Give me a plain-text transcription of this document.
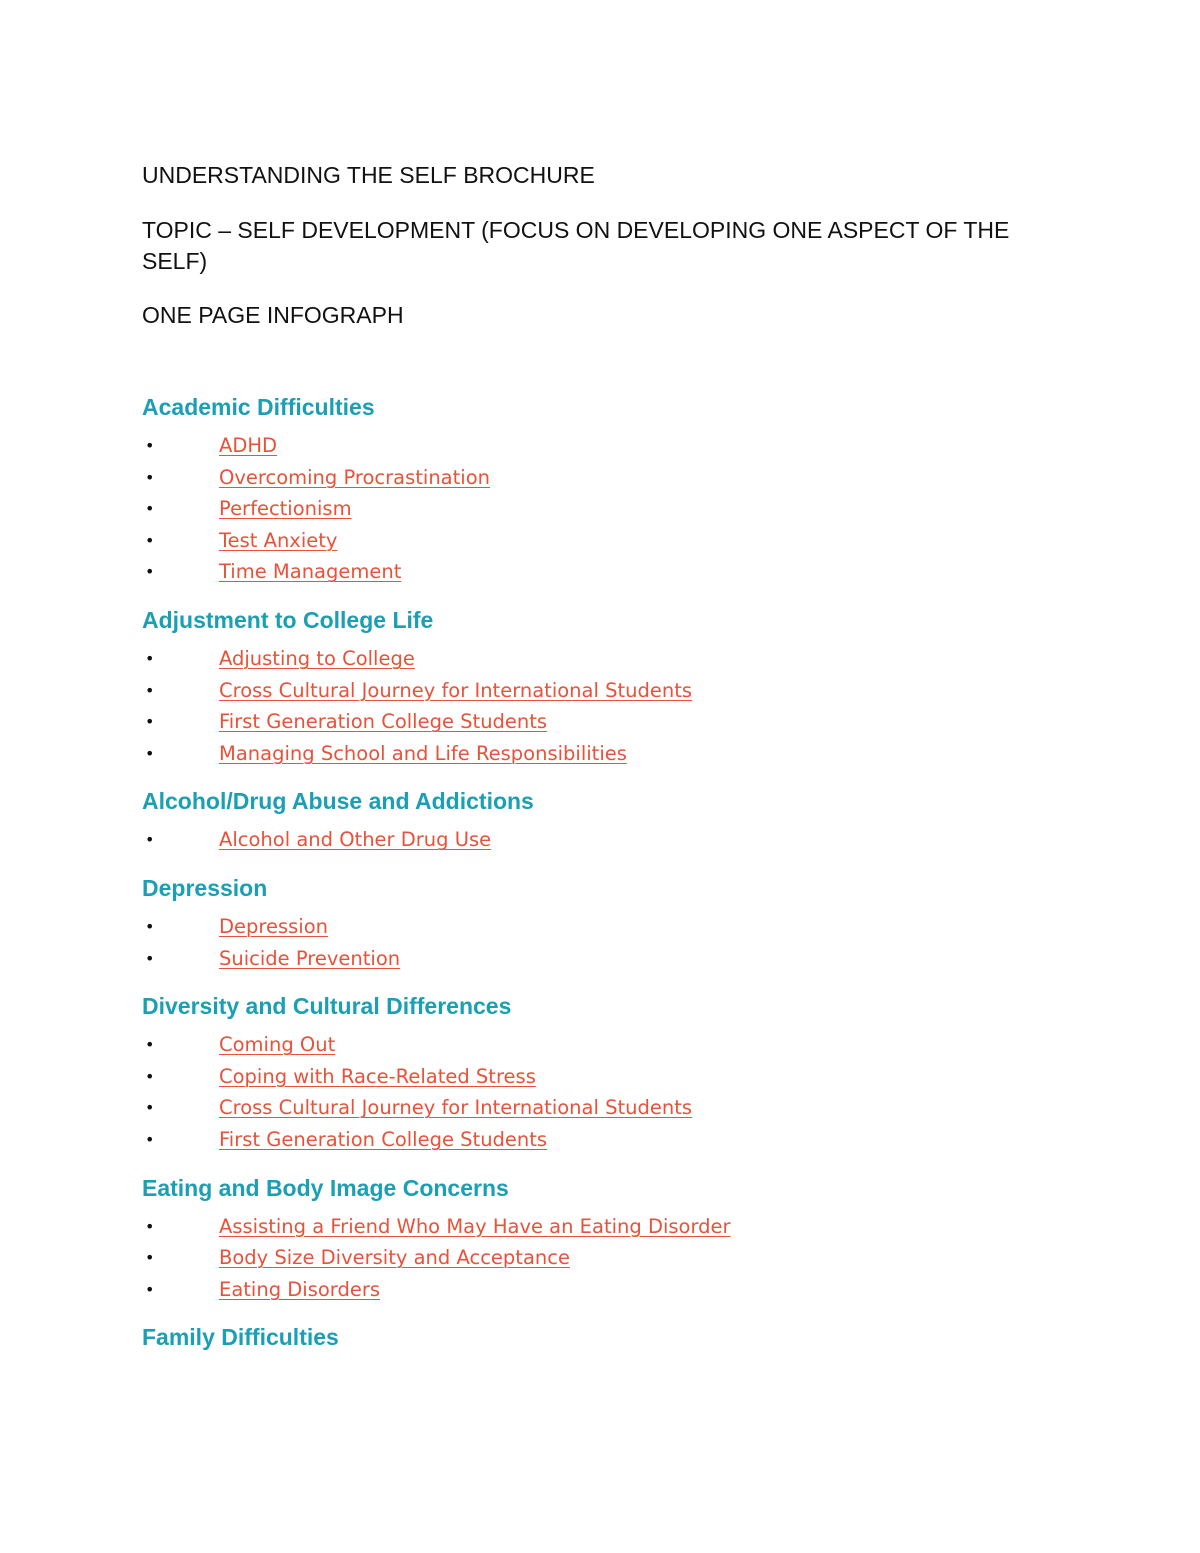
UNDERSTANDING THE SELF BROCHURE

TOPIC – SELF DEVELOPMENT (FOCUS ON DEVELOPING ONE ASPECT OF THE SELF)

ONE PAGE INFOGRAPH

Academic Difficulties
•	ADHD
•	Overcoming Procrastination
•	Perfectionism
•	Test Anxiety
•	Time Management
Adjustment to College Life
•	Adjusting to College
•	Cross Cultural Journey for International Students
•	First Generation College Students
•	Managing School and Life Responsibilities
Alcohol/Drug Abuse and Addictions
•	Alcohol and Other Drug Use
Depression
•	Depression
•	Suicide Prevention
Diversity and Cultural Differences
•	Coming Out
•	Coping with Race-Related Stress
•	Cross Cultural Journey for International Students
•	First Generation College Students
Eating and Body Image Concerns
•	Assisting a Friend Who May Have an Eating Disorder
•	Body Size Diversity and Acceptance
•	Eating Disorders
Family Difficulties
